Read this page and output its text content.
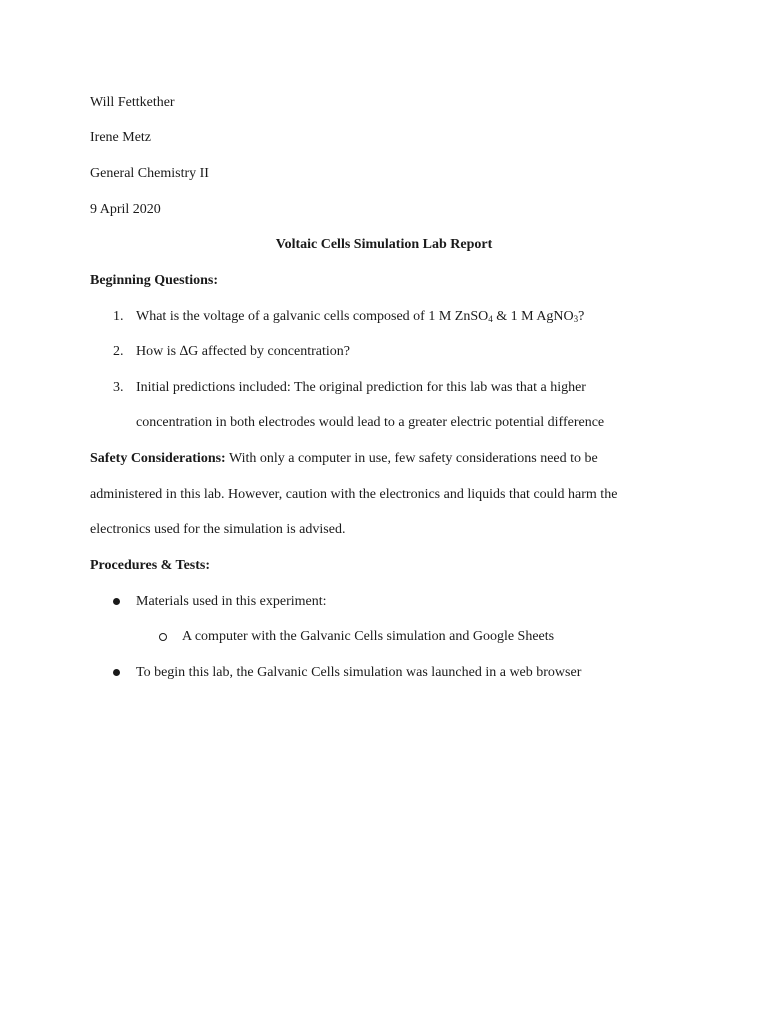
Will Fettkether
Irene Metz
General Chemistry II
9 April 2020
Voltaic Cells Simulation Lab Report
Beginning Questions:
1. What is the voltage of a galvanic cells composed of 1 M ZnSO$_4$ & 1 M AgNO$_3$?
2. How is ∆G affected by concentration?
3. Initial predictions included: The original prediction for this lab was that a higher
concentration in both electrodes would lead to a greater electric potential difference
Safety Considerations: With only a computer in use, few safety considerations need to be
administered in this lab. However, caution with the electronics and liquids that could harm the
electronics used for the simulation is advised.
Procedures & Tests:
Materials used in this experiment:
A computer with the Galvanic Cells simulation and Google Sheets
To begin this lab, the Galvanic Cells simulation was launched in a web browser
